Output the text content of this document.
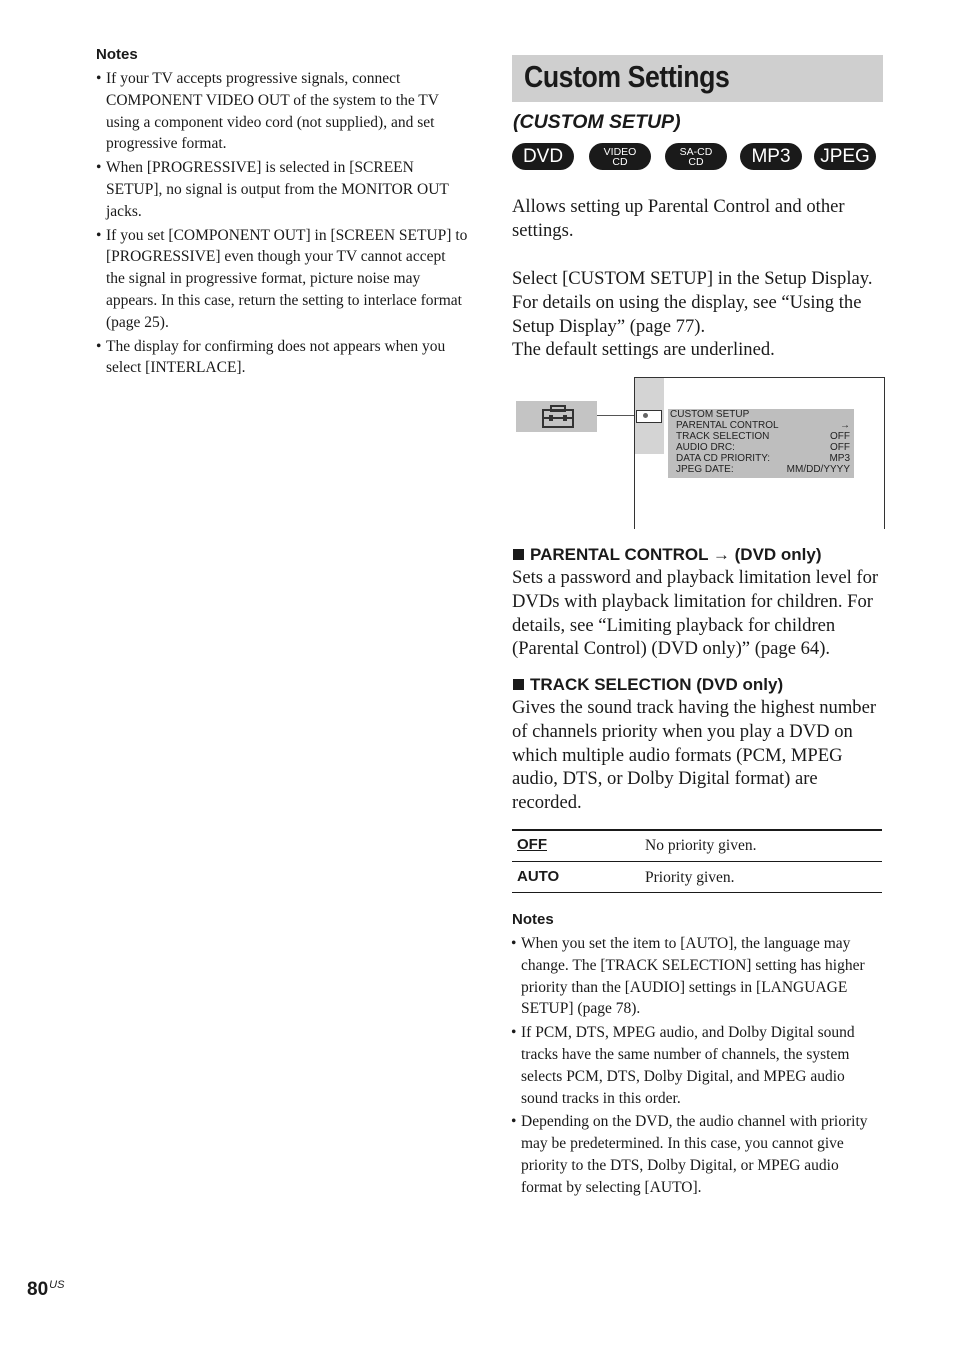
Notes
• If your TV accepts progressive signals, connect COMPONENT VIDEO OUT of the system to the TV using a component video cord (not supplied), and set progressive format.
• When [PROGRESSIVE] is selected in [SCREEN SETUP], no signal is output from the MONITOR OUT jacks.
• If you set [COMPONENT OUT] in [SCREEN SETUP] to [PROGRESSIVE] even though your TV cannot accept the signal in progressive format, picture noise may appears. In this case, return the setting to interlace format (page 25).
• The display for confirming does not appears when you select [INTERLACE].
Custom Settings
(CUSTOM SETUP)
DVD	VIDEO
CD
SA-CD
CD	MP3 JPEG
Allows setting up Parental Control and other settings.
Select [CUSTOM SETUP] in the Setup Display. For details on using the display, see “Using the Setup Display” (page 77).
The default settings are underlined.
CUSTOM SETUP
PARENTAL CONTROL	→
TRACK SELECTION	OFF
AUDIO DRC:	OFF
DATA CD PRIORITY:	MP3
JPEG DATE:	MM/DD/YYYY
PARENTAL CONTROL → (DVD only)
Sets a password and playback limitation level for DVDs with playback limitation for children. For details, see “Limiting playback for children (Parental Control) (DVD only)” (page 64).
TRACK SELECTION (DVD only)
Gives the sound track having the highest number of channels priority when you play a DVD on which multiple audio formats (PCM, MPEG audio, DTS, or Dolby Digital format) are recorded.
OFF	No priority given.
AUTO	Priority given.
Notes
• When you set the item to [AUTO], the language may change. The [TRACK SELECTION] setting has higher priority than the [AUDIO] settings in [LANGUAGE SETUP] (page 78).
• If PCM, DTS, MPEG audio, and Dolby Digital sound tracks have the same number of channels, the system selects PCM, DTS, Dolby Digital, and MPEG audio sound tracks in this order.
• Depending on the DVD, the audio channel with priority may be predetermined. In this case, you cannot give priority to the DTS, Dolby Digital, or MPEG audio format by selecting [AUTO].
$80^{US}$
